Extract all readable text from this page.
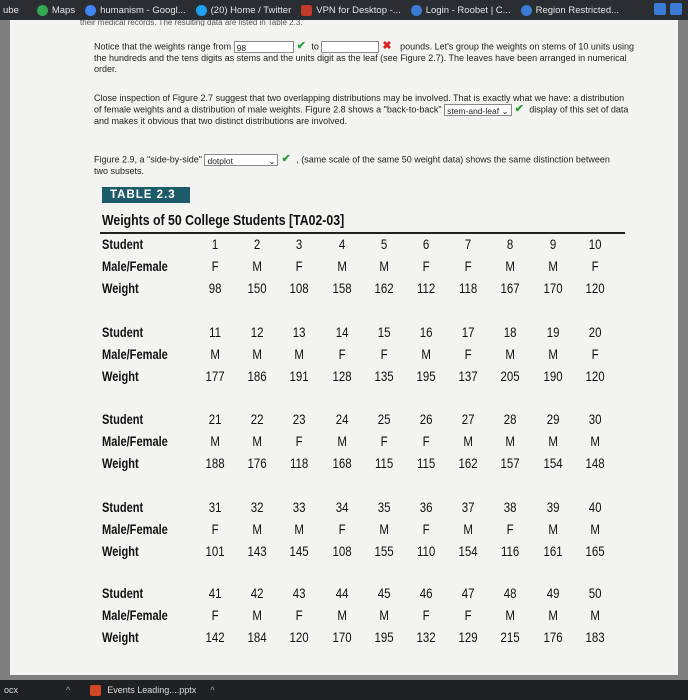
ube	Maps	humanism - Googl...	(20) Home / Twitter	VPN for Desktop -...	Login - Roobet | C...	Region Restricted...
their medical records. The resulting data are listed in Table 2.3.
Notice that the weights range from 98	✔ to	✖ pounds. Let's group the weights on stems of 10 units using the hundreds and the tens digits as stems and the units digit as the leaf (see Figure 2.7). The leaves have been arranged in numerical order.
Close inspection of Figure 2.7 suggest that two overlapping distributions may be involved. That is exactly what we have: a distribution of female weights and a distribution of male weights. Figure 2.8 shows a "back-to-back" stem-and-leaf ⌄ ✔ display of this set of data and makes it obvious that two distinct distributions are involved.
Figure 2.9, a "side-by-side" dotplot	⌄ ✔ , (same scale of the same 50 weight data) shows the same distinction between two subsets.
TABLE 2.3
Weights of 50 College Students [TA02-03]
Student	1	2	3	4	5	6	7	8	9	10
Male/Female	F	M	F	M	M	F	F	M	M	F
Weight	98	150	108	158	162	112	118	167	170	120
Student	11	12	13	14	15	16	17	18	19	20
Male/Female	M	M	M	F	F	M	F	M	M	F
Weight	177	186	191	128	135	195	137	205	190	120
Student	21	22	23	24	25	26	27	28	29	30
Male/Female	M	M	F	M	F	F	M	M	M	M
Weight	188	176	118	168	115	115	162	157	154	148
Student	31	32	33	34	35	36	37	38	39	40
Male/Female	F	M	M	F	M	F	M	F	M	M
Weight	101	143	145	108	155	110	154	116	161	165
Student	41	42	43	44	45	46	47	48	49	50
Male/Female	F	M	F	M	M	F	F	M	M	M
Weight	142	184	120	170	195	132	129	215	176	183
ocx	^	Events Leading....pptx ^
